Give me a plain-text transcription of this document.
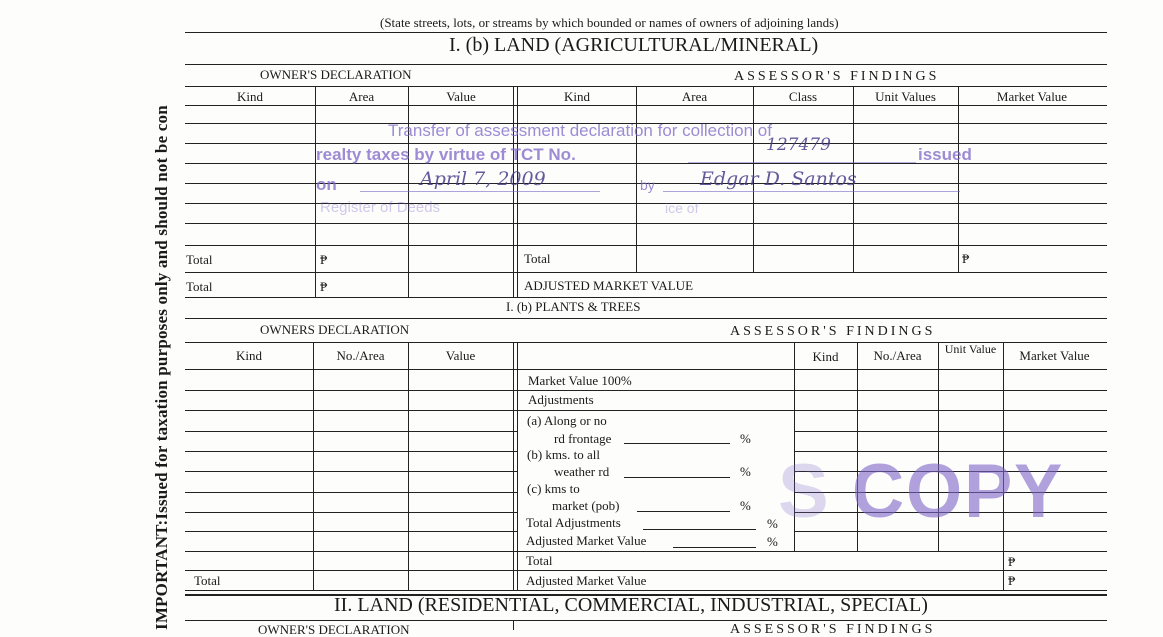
IMPORTANT:Issued for taxation purposes only and should not be con
(State streets, lots, or streams by which bounded or names of owners of adjoining lands)
I. (b) LAND (AGRICULTURAL/MINERAL)
OWNER'S DECLARATION	ASSESSOR'S FINDINGS
Kind	Area	Value	Kind	Area	Class	Unit Values	Market Value
Total	₱	Total	₱
Total	₱	ADJUSTED MARKET VALUE
Transfer of assessment declaration for collection of
realty taxes by virtue of TCT No.	issued
on	by
Register of Deeds	ice of
127479
April 7, 2009	Edgar D. Santos
I. (b) PLANTS & TREES
OWNERS DECLARATION	ASSESSOR'S FINDINGS
Kind	No./Area	Value	Kind	No./Area	Unit Value	Market Value
Market Value 100%
Adjustments
(a) Along or no
rd frontage	%
(b) kms. to all
weather rd	%
(c) kms to
market (pob)	%
Total Adjustments	%
Adjusted Market Value	%
Total	₱
Adjusted Market Value	₱
Total
S COPY
II. LAND (RESIDENTIAL, COMMERCIAL, INDUSTRIAL, SPECIAL)
OWNER'S DECLARATION	ASSESSOR'S FINDINGS
